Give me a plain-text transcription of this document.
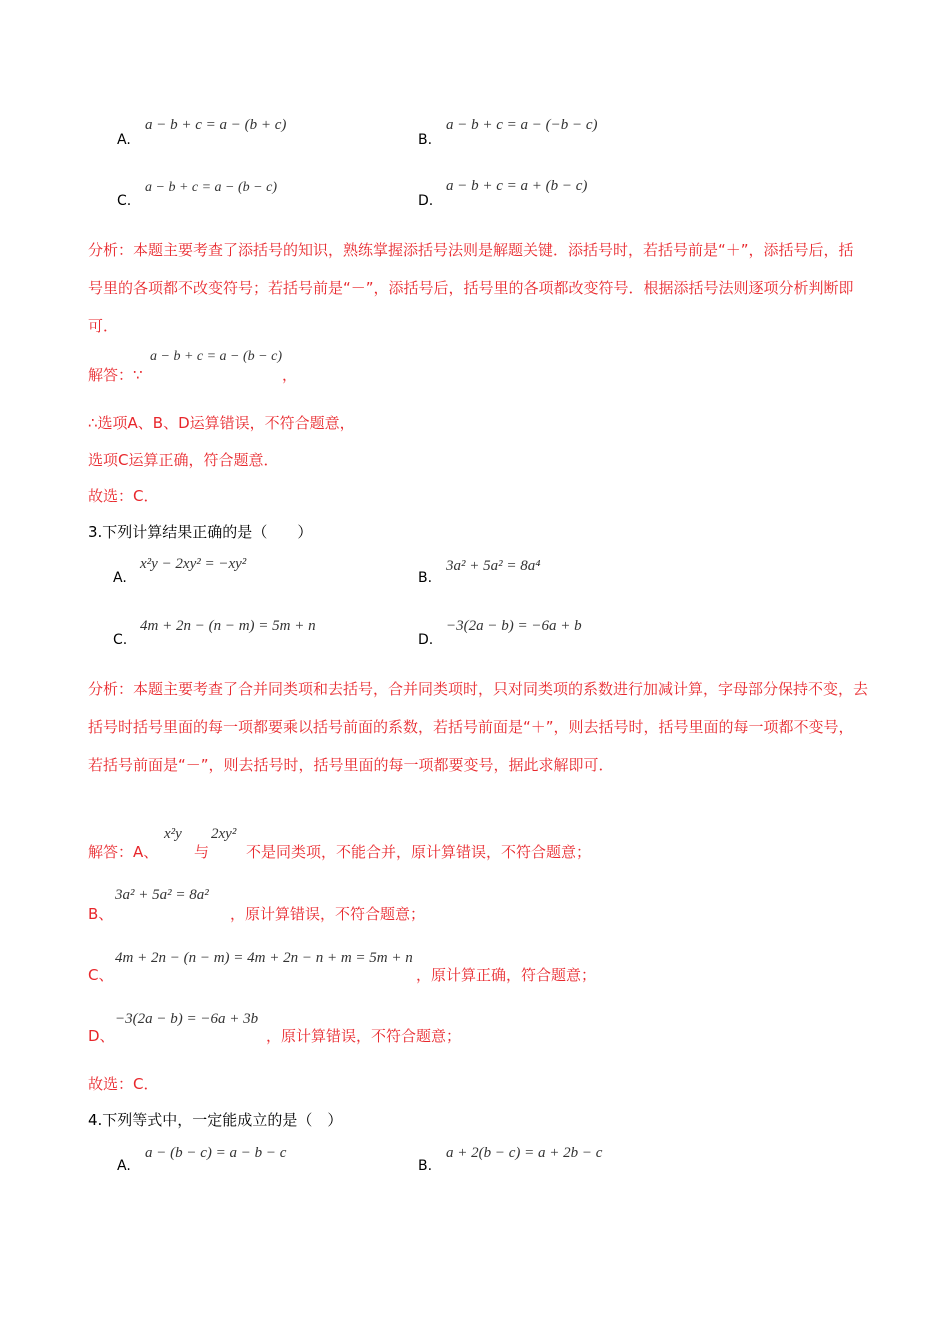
A.
a − b + c = a − (b + c)
B.
a − b + c = a − (−b − c)
C.
a − b + c = a − (b − c)
D.
a − b + c = a + (b − c)
分析：本题主要考查了添括号的知识，熟练掌握添括号法则是解题关键．添括号时，若括号前是“＋”，添括号后，括号里的各项都不改变符号；若括号前是“－”，添括号后，括号里的各项都改变符号．根据添括号法则逐项分析判断即可．
解答：∵
a − b + c = a − (b − c)
，
∴选项A、B、D运算错误，不符合题意，
选项C运算正确，符合题意．
故选：C．
3.下列计算结果正确的是（　　）
A.
x²y − 2xy² = −xy²
B.
3a² + 5a² = 8a⁴
C.
4m + 2n − (n − m) = 5m + n
D.
−3(2a − b) = −6a + b
分析：本题主要考查了合并同类项和去括号，合并同类项时，只对同类项的系数进行加减计算，字母部分保持不变，去括号时括号里面的每一项都要乘以括号前面的系数，若括号前面是“＋”，则去括号时，括号里面的每一项都不变号，若括号前面是“－”，则去括号时，括号里面的每一项都要变号，据此求解即可．
解答：A、
x²y
与
2xy²
不是同类项，不能合并，原计算错误，不符合题意；
B、
3a² + 5a² = 8a²
，原计算错误，不符合题意；
C、
4m + 2n − (n − m) = 4m + 2n − n + m = 5m + n
，原计算正确，符合题意；
D、
−3(2a − b) = −6a + 3b
，原计算错误，不符合题意；
故选：C．
4.下列等式中，一定能成立的是（　）
A.
a − (b − c) = a − b − c
B.
a + 2(b − c) = a + 2b − c
